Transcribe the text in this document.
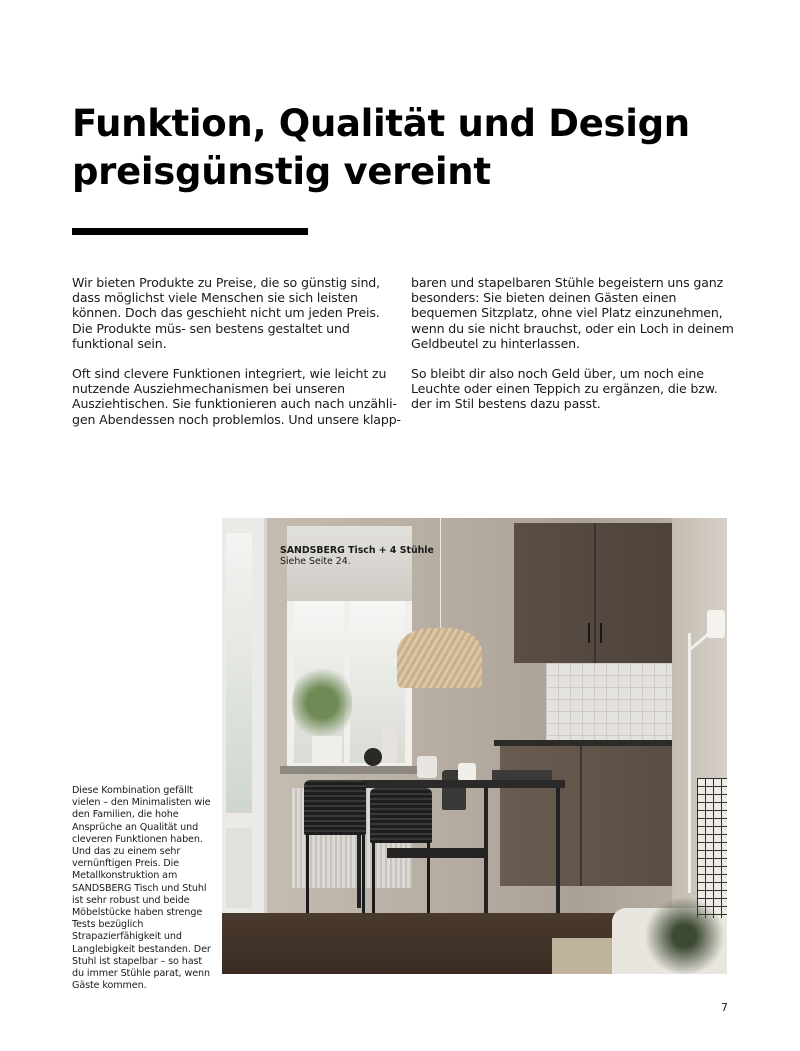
Funktion, Qualität und Design preisgünstig vereint

Wir bieten Produkte zu Preise, die so günstig sind, dass möglichst viele Menschen sie sich leisten können. Doch das geschieht nicht um jeden Preis. Die Produkte müs- sen bestens gestaltet und funktional sein.

Oft sind clevere Funktionen integriert, wie leicht zu nutzende Ausziehmechanismen bei unseren Ausziehtischen. Sie funktionieren auch nach unzähli- gen Abendessen noch problemlos. Und unsere klapp-

baren und stapelbaren Stühle begeistern uns ganz besonders: Sie bieten deinen Gästen einen bequemen Sitzplatz, ohne viel Platz einzunehmen, wenn du sie nicht brauchst, oder ein Loch in deinem Geldbeutel zu hinterlassen.

So bleibt dir also noch Geld über, um noch eine Leuchte oder einen Teppich zu ergänzen, die bzw. der im Stil bestens dazu passt.

Diese Kombination gefällt vielen – den Minimalisten wie den Familien, die hohe Ansprüche an Qualität und cleveren Funktionen haben. Und das zu einem sehr vernünftigen Preis. Die Metallkonstruktion am SANDSBERG Tisch und Stuhl ist sehr robust und beide Möbelstücke haben strenge Tests bezüglich Strapazierfähigkeit und Langlebigkeit bestanden. Der Stuhl ist stapelbar – so hast du immer Stühle parat, wenn Gäste kommen.
SANDSBERG Tisch + 4 Stühle
Siehe Seite 24.
7
